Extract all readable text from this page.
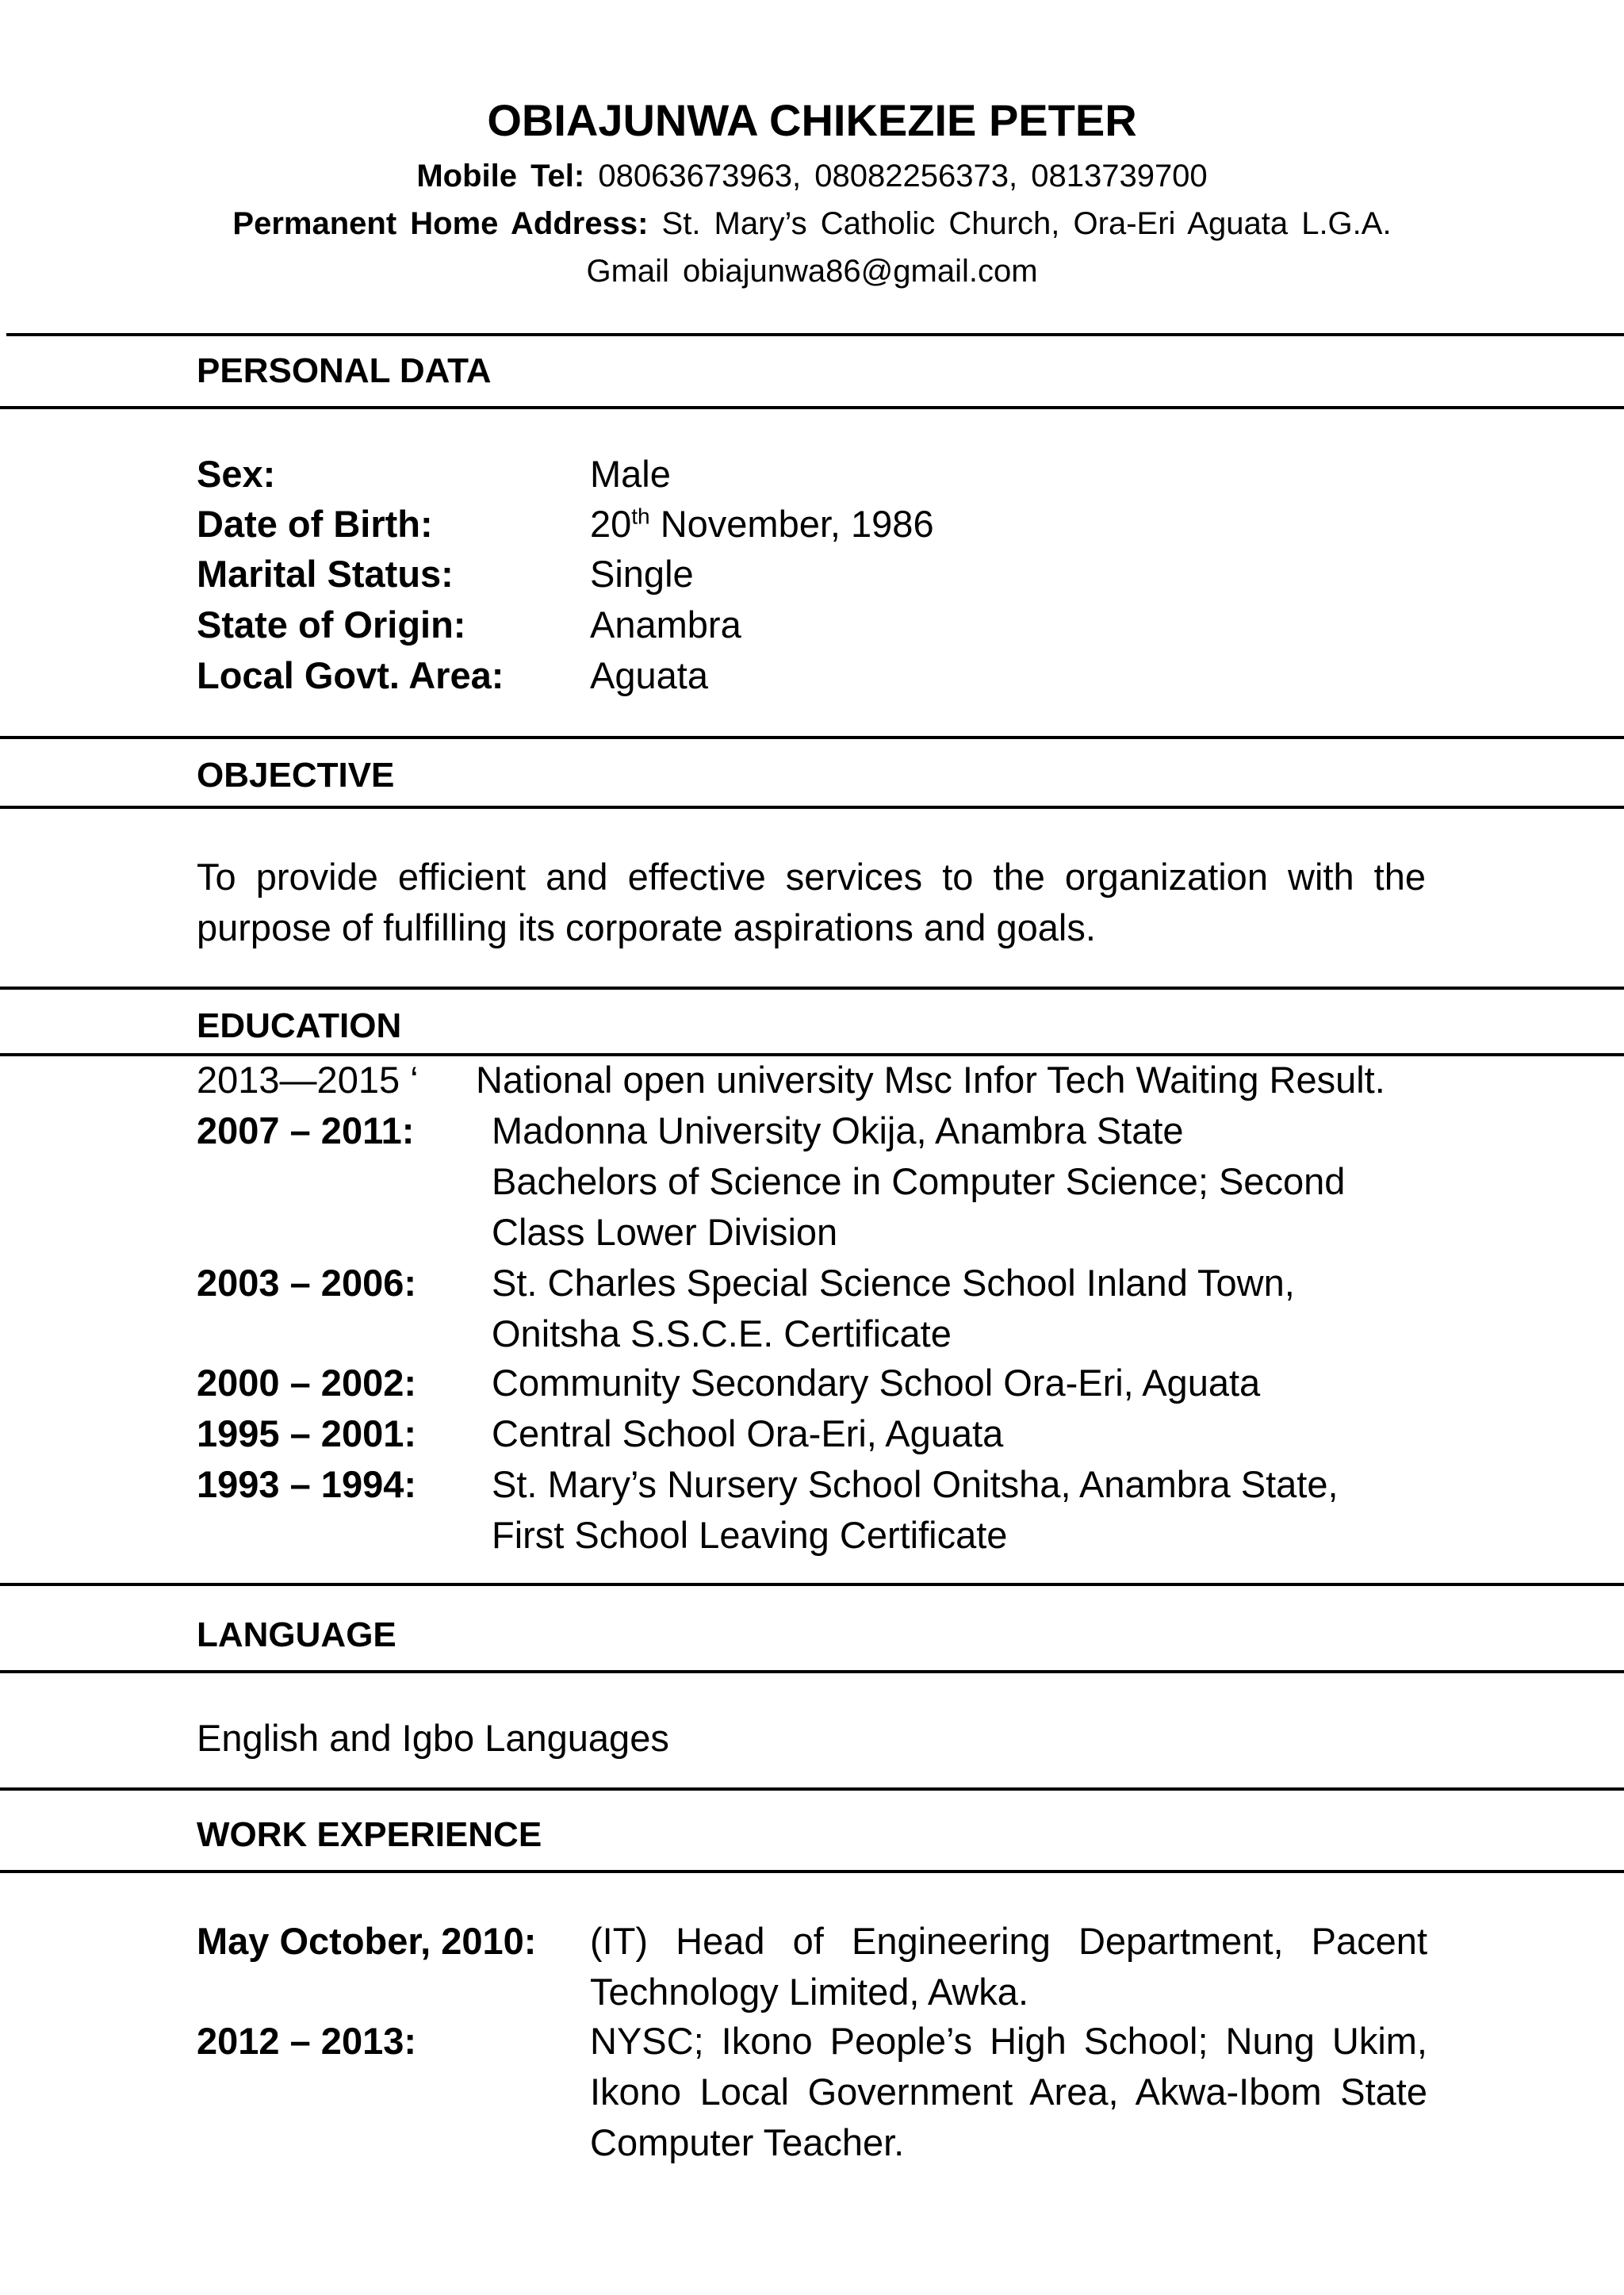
OBIAJUNWA CHIKEZIE PETER
Mobile Tel: 08063673963, 08082256373, 0813739700
Permanent Home Address: St. Mary’s Catholic Church, Ora-Eri Aguata L.G.A.
Gmail obiajunwa86@gmail.com
PERSONAL DATA
Sex:	Male
Date of Birth:	20th November, 1986
Marital Status:	Single
State of Origin:	Anambra
Local Govt. Area: Aguata
OBJECTIVE
To provide efficient and effective services to the organization with the
purpose of fulfilling its corporate aspirations and goals.
EDUCATION
2013—2015 ‘ National open university Msc Infor Tech Waiting Result.
2007 – 2011: Madonna University Okija, Anambra State
Bachelors of Science in Computer Science; Second
Class Lower Division
2003 – 2006: St. Charles Special Science School Inland Town,
Onitsha S.S.C.E. Certificate
2000 – 2002: Community Secondary School Ora-Eri, Aguata
1995 – 2001: Central School Ora-Eri, Aguata
1993 – 1994: St. Mary’s Nursery School Onitsha, Anambra State,
First School Leaving Certificate
LANGUAGE
English and Igbo Languages
WORK EXPERIENCE
May October, 2010: (IT) Head of Engineering Department, Pacent
Technology Limited, Awka.
2012 – 2013:	NYSC; Ikono People’s High School; Nung Ukim,
Ikono Local Government Area, Akwa-Ibom State
Computer Teacher.
